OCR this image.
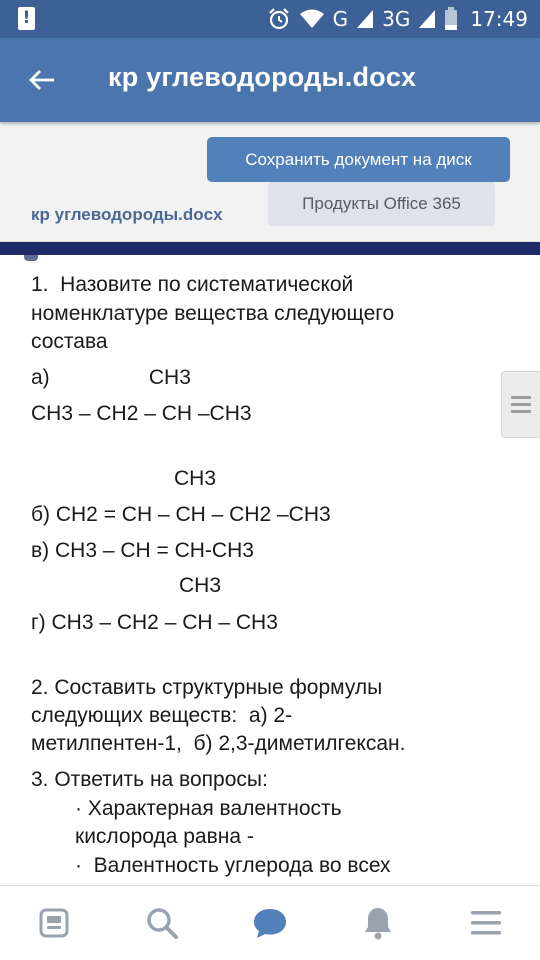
!	G 3G	17:49
кр углеводороды.docx
Сохранить документ на диск
Продукты Office 365
кр углеводороды.docx
1.  Назовите по систематической
номенклатуре вещества следующего
состава
а)                 CH3
CH3 – CH2 – CH –CH3
CH3
б) CH2 = CH – CH – CH2 –CH3
в) CH3 – CH = CH-CH3
CH3
г) CH3 – CH2 – CH – CH3
2. Составить структурные формулы
следующих веществ:  а) 2-
метилпентен-1,  б) 2,3-диметилгексан.
3. Ответить на вопросы:
· Характерная валентность
кислорода равна -
·  Валентность углерода во всех
